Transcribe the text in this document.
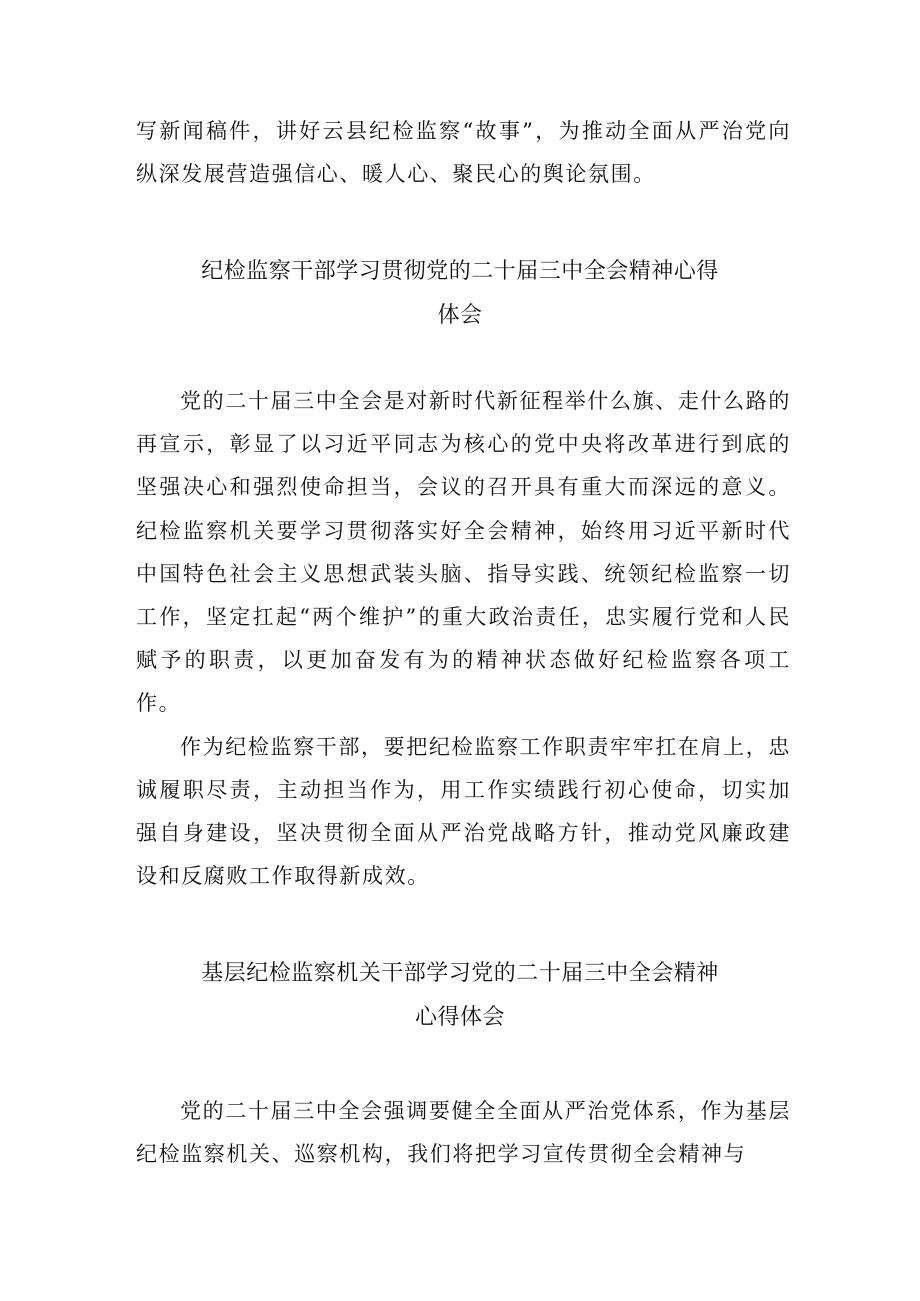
写新闻稿件，讲好云县纪检监察“故事”，为推动全面从严治党向纵深发展营造强信心、暖人心、聚民心的舆论氛围。

纪检监察干部学习贯彻党的二十届三中全会精神心得
体会

党的二十届三中全会是对新时代新征程举什么旗、走什么路的再宣示，彰显了以习近平同志为核心的党中央将改革进行到底的坚强决心和强烈使命担当，会议的召开具有重大而深远的意义。纪检监察机关要学习贯彻落实好全会精神，始终用习近平新时代中国特色社会主义思想武装头脑、指导实践、统领纪检监察一切工作，坚定扛起“两个维护”的重大政治责任，忠实履行党和人民赋予的职责，以更加奋发有为的精神状态做好纪检监察各项工作。

作为纪检监察干部，要把纪检监察工作职责牢牢扛在肩上，忠诚履职尽责，主动担当作为，用工作实绩践行初心使命，切实加强自身建设，坚决贯彻全面从严治党战略方针，推动党风廉政建设和反腐败工作取得新成效。

基层纪检监察机关干部学习党的二十届三中全会精神
心得体会

党的二十届三中全会强调要健全全面从严治党体系，作为基层纪检监察机关、巡察机构，我们将把学习宣传贯彻全会精神与
